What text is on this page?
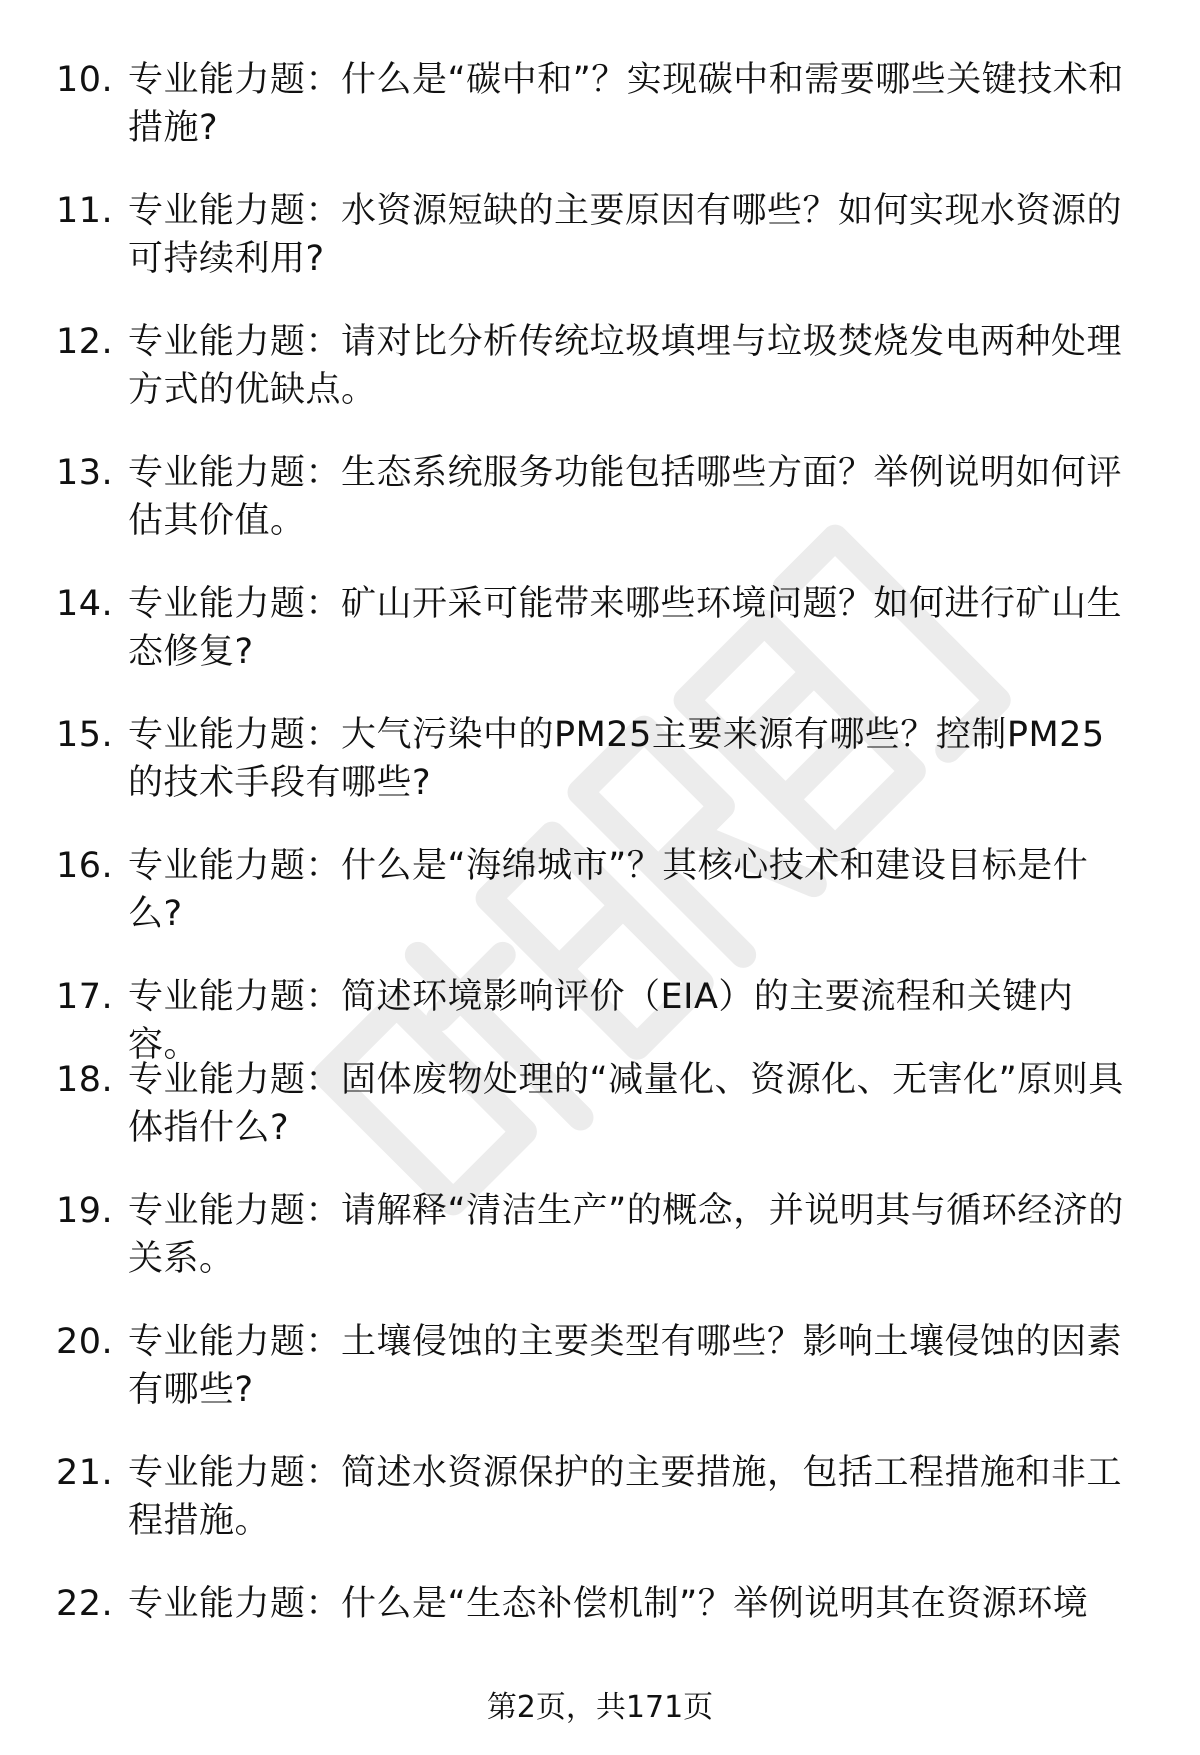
10. 专业能力题：什么是“碳中和”？实现碳中和需要哪些关键技术和措施?
11. 专业能力题：水资源短缺的主要原因有哪些？如何实现水资源的可持续利用?
12. 专业能力题：请对比分析传统垃圾填埋与垃圾焚烧发电两种处理方式的优缺点。
13. 专业能力题：生态系统服务功能包括哪些方面？举例说明如何评估其价值。
14. 专业能力题：矿山开采可能带来哪些环境问题？如何进行矿山生态修复?
15. 专业能力题：大气污染中的PM25主要来源有哪些？控制PM25的技术手段有哪些?
16. 专业能力题：什么是“海绵城市”？其核心技术和建设目标是什么?
17. 专业能力题：简述环境影响评价（EIA）的主要流程和关键内容。
18. 专业能力题：固体废物处理的“减量化、资源化、无害化”原则具体指什么?
19. 专业能力题：请解释“清洁生产”的概念，并说明其与循环经济的关系。
20. 专业能力题：土壤侵蚀的主要类型有哪些？影响土壤侵蚀的因素有哪些?
21. 专业能力题：简述水资源保护的主要措施，包括工程措施和非工程措施。
22. 专业能力题：什么是“生态补偿机制”？举例说明其在资源环境
第2页，共171页
